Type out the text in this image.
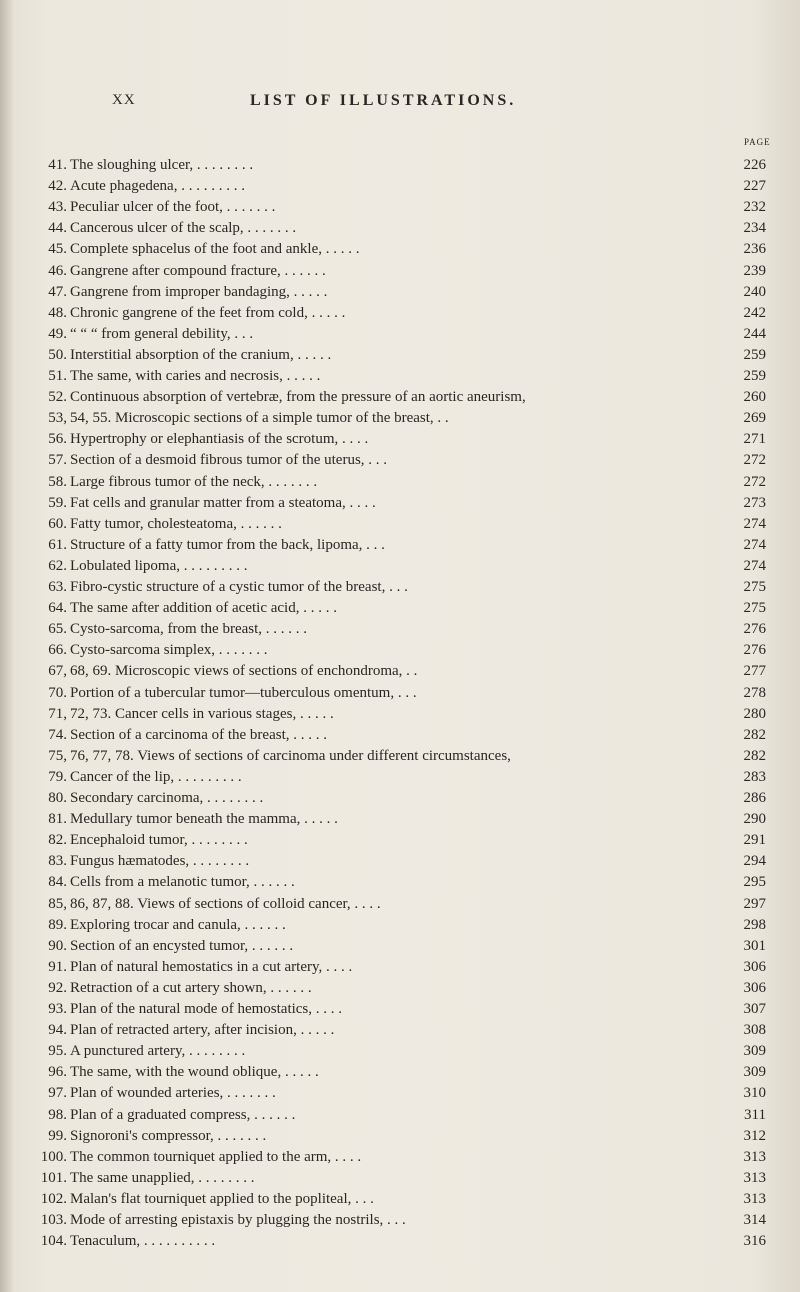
XX	LIST OF ILLUSTRATIONS.
PAGE
41. The sloughing ulcer, . . . . . . . .	226
42. Acute phagedena, . . . . . . . . .	227
43. Peculiar ulcer of the foot, . . . . . . .	232
44. Cancerous ulcer of the scalp, . . . . . . .	234
45. Complete sphacelus of the foot and ankle, . . . . .	236
46. Gangrene after compound fracture, . . . . . .	239
47. Gangrene from improper bandaging, . . . . .	240
48. Chronic gangrene of the feet from cold, . . . . .	242
49. “ “ “ from general debility, . . .	244
50. Interstitial absorption of the cranium, . . . . .	259
51. The same, with caries and necrosis, . . . . .	259
52. Continuous absorption of vertebræ, from the pressure of an aortic aneurism,	260
53, 54, 55. Microscopic sections of a simple tumor of the breast, . .	269
56. Hypertrophy or elephantiasis of the scrotum, . . . .	271
57. Section of a desmoid fibrous tumor of the uterus, . . .	272
58. Large fibrous tumor of the neck, . . . . . . .	272
59. Fat cells and granular matter from a steatoma, . . . .	273
60. Fatty tumor, cholesteatoma, . . . . . .	274
61. Structure of a fatty tumor from the back, lipoma, . . .	274
62. Lobulated lipoma, . . . . . . . . .	274
63. Fibro-cystic structure of a cystic tumor of the breast, . . .	275
64. The same after addition of acetic acid, . . . . .	275
65. Cysto-sarcoma, from the breast, . . . . . .	276
66. Cysto-sarcoma simplex, . . . . . . .	276
67, 68, 69. Microscopic views of sections of enchondroma, . .	277
70. Portion of a tubercular tumor—tuberculous omentum, . . .	278
71, 72, 73. Cancer cells in various stages, . . . . .	280
74. Section of a carcinoma of the breast, . . . . .	282
75, 76, 77, 78. Views of sections of carcinoma under different circumstances,	282
79. Cancer of the lip, . . . . . . . . .	283
80. Secondary carcinoma, . . . . . . . .	286
81. Medullary tumor beneath the mamma, . . . . .	290
82. Encephaloid tumor, . . . . . . . .	291
83. Fungus hæmatodes, . . . . . . . .	294
84. Cells from a melanotic tumor, . . . . . .	295
85, 86, 87, 88. Views of sections of colloid cancer, . . . .	297
89. Exploring trocar and canula, . . . . . .	298
90. Section of an encysted tumor, . . . . . .	301
91. Plan of natural hemostatics in a cut artery, . . . .	306
92. Retraction of a cut artery shown, . . . . . .	306
93. Plan of the natural mode of hemostatics, . . . .	307
94. Plan of retracted artery, after incision, . . . . .	308
95. A punctured artery, . . . . . . . .	309
96. The same, with the wound oblique, . . . . .	309
97. Plan of wounded arteries, . . . . . . .	310
98. Plan of a graduated compress, . . . . . .	311
99. Signoroni's compressor, . . . . . . .	312
100. The common tourniquet applied to the arm, . . . .	313
101. The same unapplied, . . . . . . . .	313
102. Malan's flat tourniquet applied to the popliteal, . . .	313
103. Mode of arresting epistaxis by plugging the nostrils, . . .	314
104. Tenaculum, . . . . . . . . . .	316
